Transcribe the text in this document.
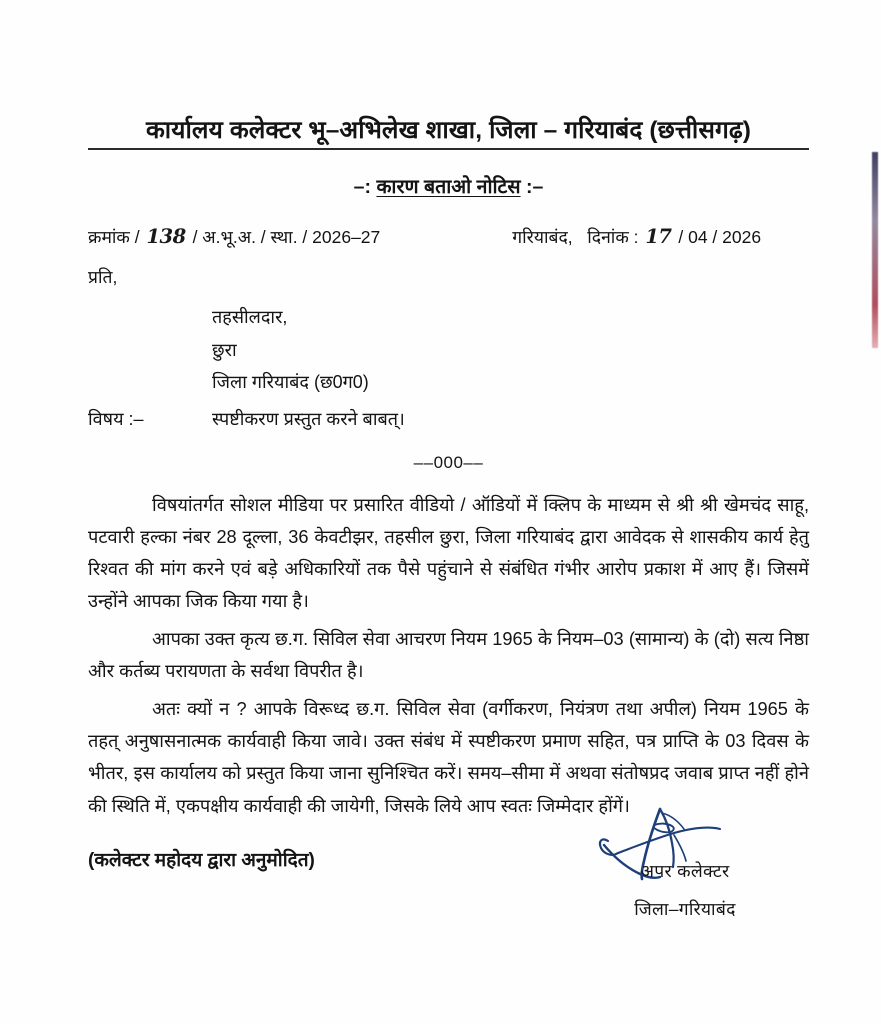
कार्यालय कलेक्टर भू–अभिलेख शाखा, जिला – गरियाबंद (छत्तीसगढ़)
–: कारण बताओ नोटिस :–
क्रमांक / 138 / अ.भू.अ. / स्था. / 2026–27	गरियाबंद, दिनांक : 17 / 04 / 2026
प्रति,
तहसीलदार,
छुरा
जिला गरियाबंद (छ0ग0)
विषय :–	स्पष्टीकरण प्रस्तुत करने बाबत्।
––000––

विषयांतर्गत सोशल मीडिया पर प्रसारित वीडियो / ऑडियों में क्लिप के माध्यम से श्री श्री खेमचंद साहू, पटवारी हल्का नंबर 28 दूल्ला, 36 केवटीझर, तहसील छुरा, जिला गरियाबंद द्वारा आवेदक से शासकीय कार्य हेतु रिश्वत की मांग करने एवं बड़े अधिकारियों तक पैसे पहुंचाने से संबंधित गंभीर आरोप प्रकाश में आए हैं। जिसमें उन्होंने आपका जिक किया गया है।

आपका उक्त कृत्य छ.ग. सिविल सेवा आचरण नियम 1965 के नियम–03 (सामान्य) के (दो) सत्य निष्ठा और कर्तब्य परायणता के सर्वथा विपरीत है।

अतः क्यों न ? आपके विरूध्द छ.ग. सिविल सेवा (वर्गीकरण, नियंत्रण तथा अपील) नियम 1965 के तहत् अनुषासनात्मक कार्यवाही किया जावे। उक्त संबंध में स्पष्टीकरण प्रमाण सहित, पत्र प्राप्ति के 03 दिवस के भीतर, इस कार्यालय को प्रस्तुत किया जाना सुनिश्चित करें। समय–सीमा में अथवा संतोषप्रद जवाब प्राप्त नहीं होने की स्थिति में, एकपक्षीय कार्यवाही की जायेगी, जिसके लिये आप स्वतः जिम्मेदार होंगें।

(कलेक्टर महोदय द्वारा अनुमोदित)
अपर कलेक्टर
जिला–गरियाबंद
